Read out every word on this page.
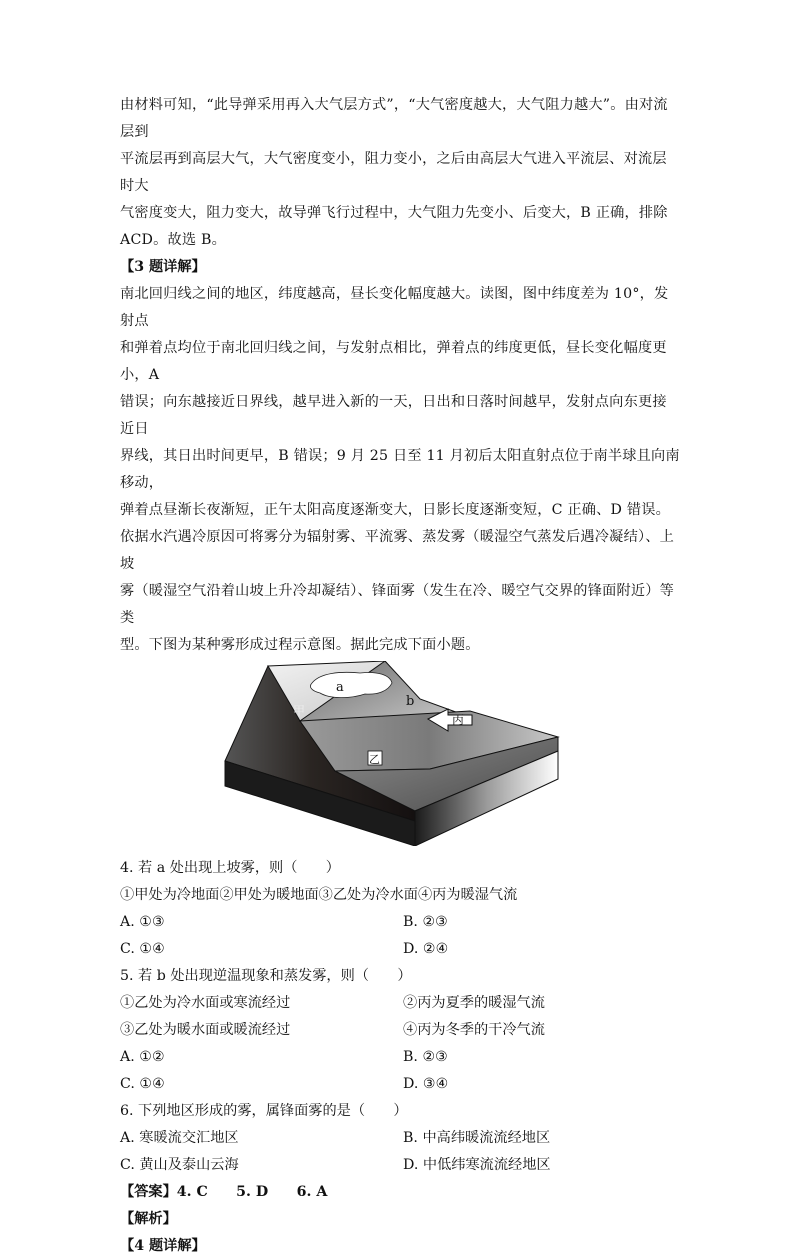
由材料可知，“此导弹采用再入大气层方式”，“大气密度越大，大气阻力越大”。由对流层到

平流层再到高层大气，大气密度变小，阻力变小，之后由高层大气进入平流层、对流层时大

气密度变大，阻力变大，故导弹飞行过程中，大气阻力先变小、后变大，B 正确，排除

ACD。故选 B。

【3 题详解】

南北回归线之间的地区，纬度越高，昼长变化幅度越大。读图，图中纬度差为 10°，发射点

和弹着点均位于南北回归线之间，与发射点相比，弹着点的纬度更低，昼长变化幅度更小，A

错误；向东越接近日界线，越早进入新的一天，日出和日落时间越早，发射点向东更接近日

界线，其日出时间更早，B 错误；9 月 25 日至 11 月初后太阳直射点位于南半球且向南移动，

弹着点昼渐长夜渐短，正午太阳高度逐渐变大，日影长度逐渐变短，C 正确、D 错误。

依据水汽遇冷原因可将雾分为辐射雾、平流雾、蒸发雾（暖湿空气蒸发后遇冷凝结）、上坡

雾（暖湿空气沿着山坡上升冷却凝结）、锋面雾（发生在冷、暖空气交界的锋面附近）等类

型。下图为某种雾形成过程示意图。据此完成下面小题。

a
甲
b
丙
乙

4. 若 a 处出现上坡雾，则（　　）

①甲处为冷地面②甲处为暖地面③乙处为冷水面④丙为暖湿气流

A. ①③	B. ②③
C. ①④	D. ②④

5. 若 b 处出现逆温现象和蒸发雾，则（　　）

①乙处为冷水面或寒流经过	②丙为夏季的暖湿气流
③乙处为暖水面或暖流经过	④丙为冬季的干冷气流
A. ①②	B. ②③
C. ①④	D. ③④

6. 下列地区形成的雾，属锋面雾的是（　　）

A. 寒暖流交汇地区	B. 中高纬暖流流经地区
C. 黄山及泰山云海	D. 中低纬寒流流经地区

【答案】4. C　　5. D　　6. A

【解析】

【4 题详解】
